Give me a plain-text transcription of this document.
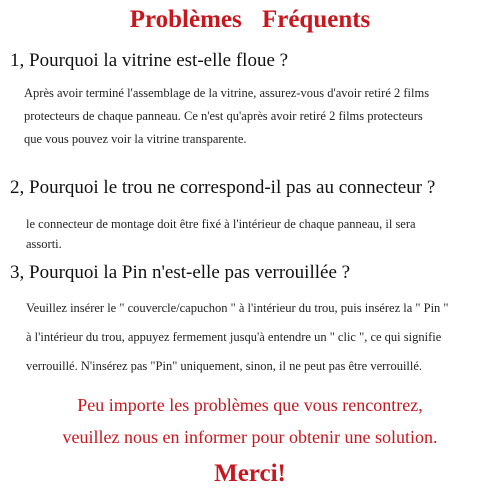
Problèmes Fréquents
1, Pourquoi la vitrine est-elle floue ?
Après avoir terminé l'assemblage de la vitrine, assurez-vous d'avoir retiré 2 films
protecteurs de chaque panneau. Ce n'est qu'après avoir retiré 2 films protecteurs
que vous pouvez voir la vitrine transparente.
2, Pourquoi le trou ne correspond-il pas au connecteur ?
le connecteur de montage doit être fixé à l'intérieur de chaque panneau, il sera
assorti.
3, Pourquoi la Pin n'est-elle pas verrouillée ?
Veuillez insérer le " couvercle/capuchon " à l'intérieur du trou, puis insérez la " Pin "
à l'intérieur du trou, appuyez fermement jusqu'à entendre un " clic ", ce qui signifie
verrouillé. N'insérez pas "Pin" uniquement, sinon, il ne peut pas être verrouillé.
Peu importe les problèmes que vous rencontrez,
veuillez nous en informer pour obtenir une solution.
Merci!
